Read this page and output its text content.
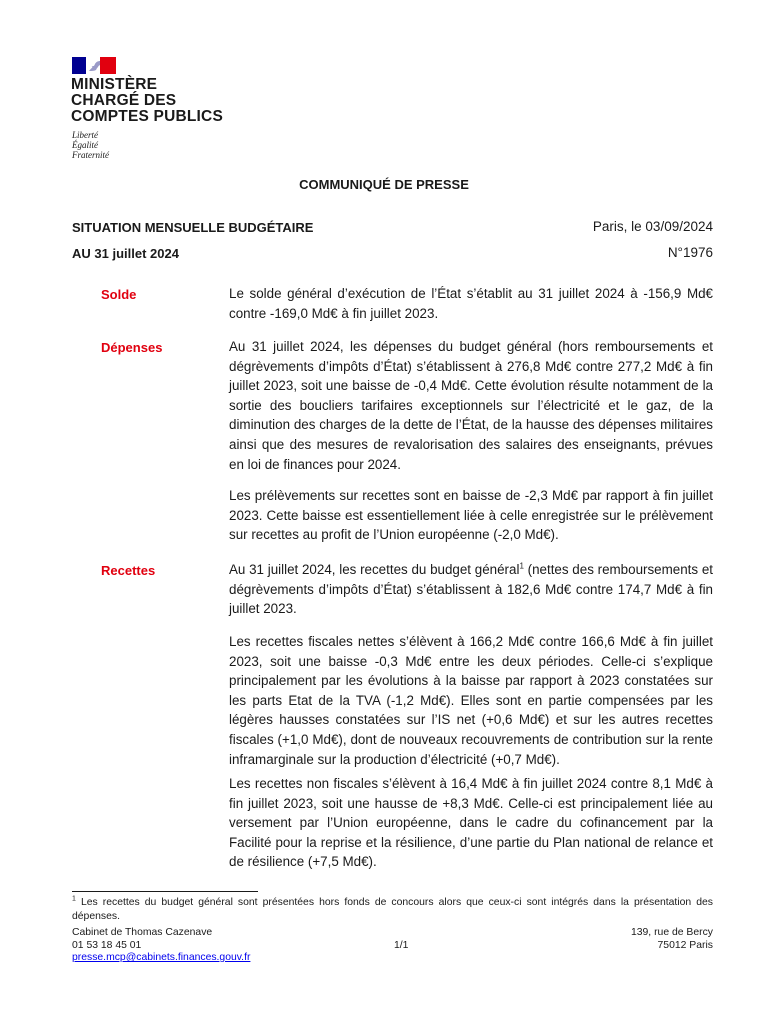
MINISTÈRE
CHARGÉ DES
COMPTES PUBLICS
Liberté
Égalité
Fraternité
COMMUNIQUÉ DE PRESSE
SITUATION MENSUELLE BUDGÉTAIRE
AU 31 juillet 2024
Paris, le 03/09/2024
N°1976
Solde	Le solde général d’exécution de l’État s’établit au 31 juillet 2024 à -156,9 Md€ contre -169,0 Md€ à fin juillet 2023.
Dépenses	Au 31 juillet 2024, les dépenses du budget général (hors remboursements et dégrèvements d’impôts d’État) s’établissent à 276,8 Md€ contre 277,2 Md€ à fin juillet 2023, soit une baisse de -0,4 Md€. Cette évolution résulte notamment de la sortie des boucliers tarifaires exceptionnels sur l’électricité et le gaz, de la diminution des charges de la dette de l’État, de la hausse des dépenses militaires ainsi que des mesures de revalorisation des salaires des enseignants, prévues en loi de finances pour 2024.
Les prélèvements sur recettes sont en baisse de -2,3 Md€ par rapport à fin juillet 2023. Cette baisse est essentiellement liée à celle enregistrée sur le prélèvement sur recettes au profit de l’Union européenne (-2,0 Md€).
Recettes	Au 31 juillet 2024, les recettes du budget général$^1$ (nettes des remboursements et dégrèvements d’impôts d’État) s’établissent à 182,6 Md€ contre 174,7 Md€ à fin juillet 2023.
Les recettes fiscales nettes s’élèvent à 166,2 Md€ contre 166,6 Md€ à fin juillet 2023, soit une baisse -0,3 Md€ entre les deux périodes. Celle-ci s’explique principalement par les évolutions à la baisse par rapport à 2023 constatées sur les parts Etat de la TVA (-1,2 Md€). Elles sont en partie compensées par les légères hausses constatées sur l’IS net (+0,6 Md€) et sur les autres recettes fiscales (+1,0 Md€), dont de nouveaux recouvrements de contribution sur la rente inframarginale sur la production d’électricité (+0,7 Md€).
Les recettes non fiscales s’élèvent à 16,4 Md€ à fin juillet 2024 contre 8,1 Md€ à fin juillet 2023, soit une hausse de +8,3 Md€. Celle-ci est principalement liée au versement par l’Union européenne, dans le cadre du cofinancement par la Facilité pour la reprise et la résilience, d’une partie du Plan national de relance et de résilience (+7,5 Md€).
$^1$ Les recettes du budget général sont présentées hors fonds de concours alors que ceux-ci sont intégrés dans la présentation des dépenses.
Cabinet de Thomas Cazenave
01 53 18 45 01
presse.mcp@cabinets.finances.gouv.fr
1/1
139, rue de Bercy
75012 Paris
